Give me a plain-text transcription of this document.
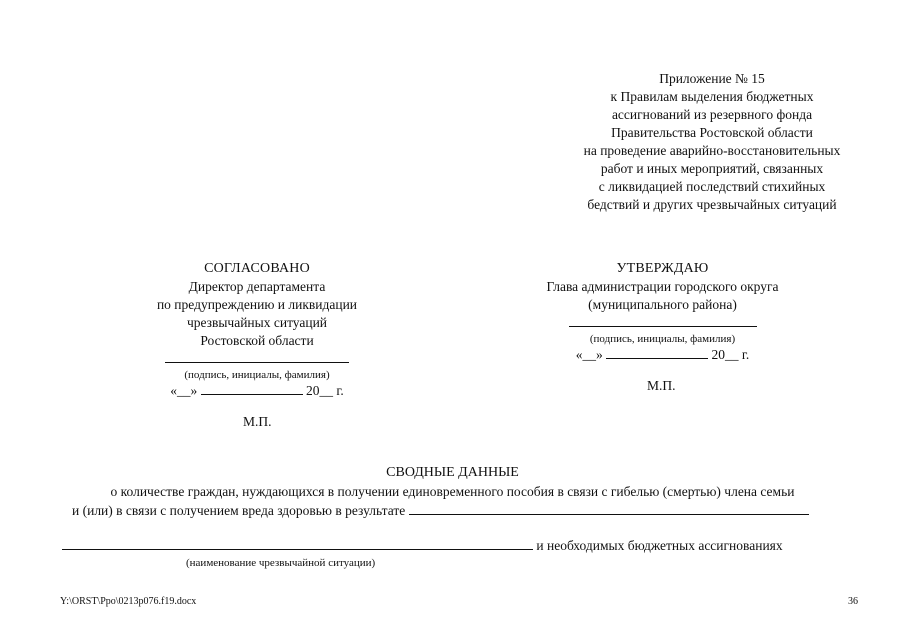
Приложение № 15
к Правилам выделения бюджетных
ассигнований из резервного фонда
Правительства Ростовской области
на проведение аварийно-восстановительных
работ и иных мероприятий, связанных
с ликвидацией последствий стихийных
бедствий и других чрезвычайных ситуаций
СОГЛАСОВАНО
Директор департамента
по предупреждению и ликвидации
чрезвычайных ситуаций
Ростовской области
(подпись, инициалы, фамилия)
«__»	20__ г.
М.П.
УТВЕРЖДАЮ
Глава администрации городского округа
(муниципального района)
(подпись, инициалы, фамилия)
«__»	20__ г.
М.П.
СВОДНЫЕ ДАННЫЕ
о количестве граждан, нуждающихся в получении единовременного пособия в связи с гибелью (смертью) члена семьи
и (или) в связи с получением вреда здоровью в результате
и необходимых бюджетных ассигнованиях
(наименование чрезвычайной ситуации)
Y:\ORST\Ppo\0213p076.f19.docx	36
